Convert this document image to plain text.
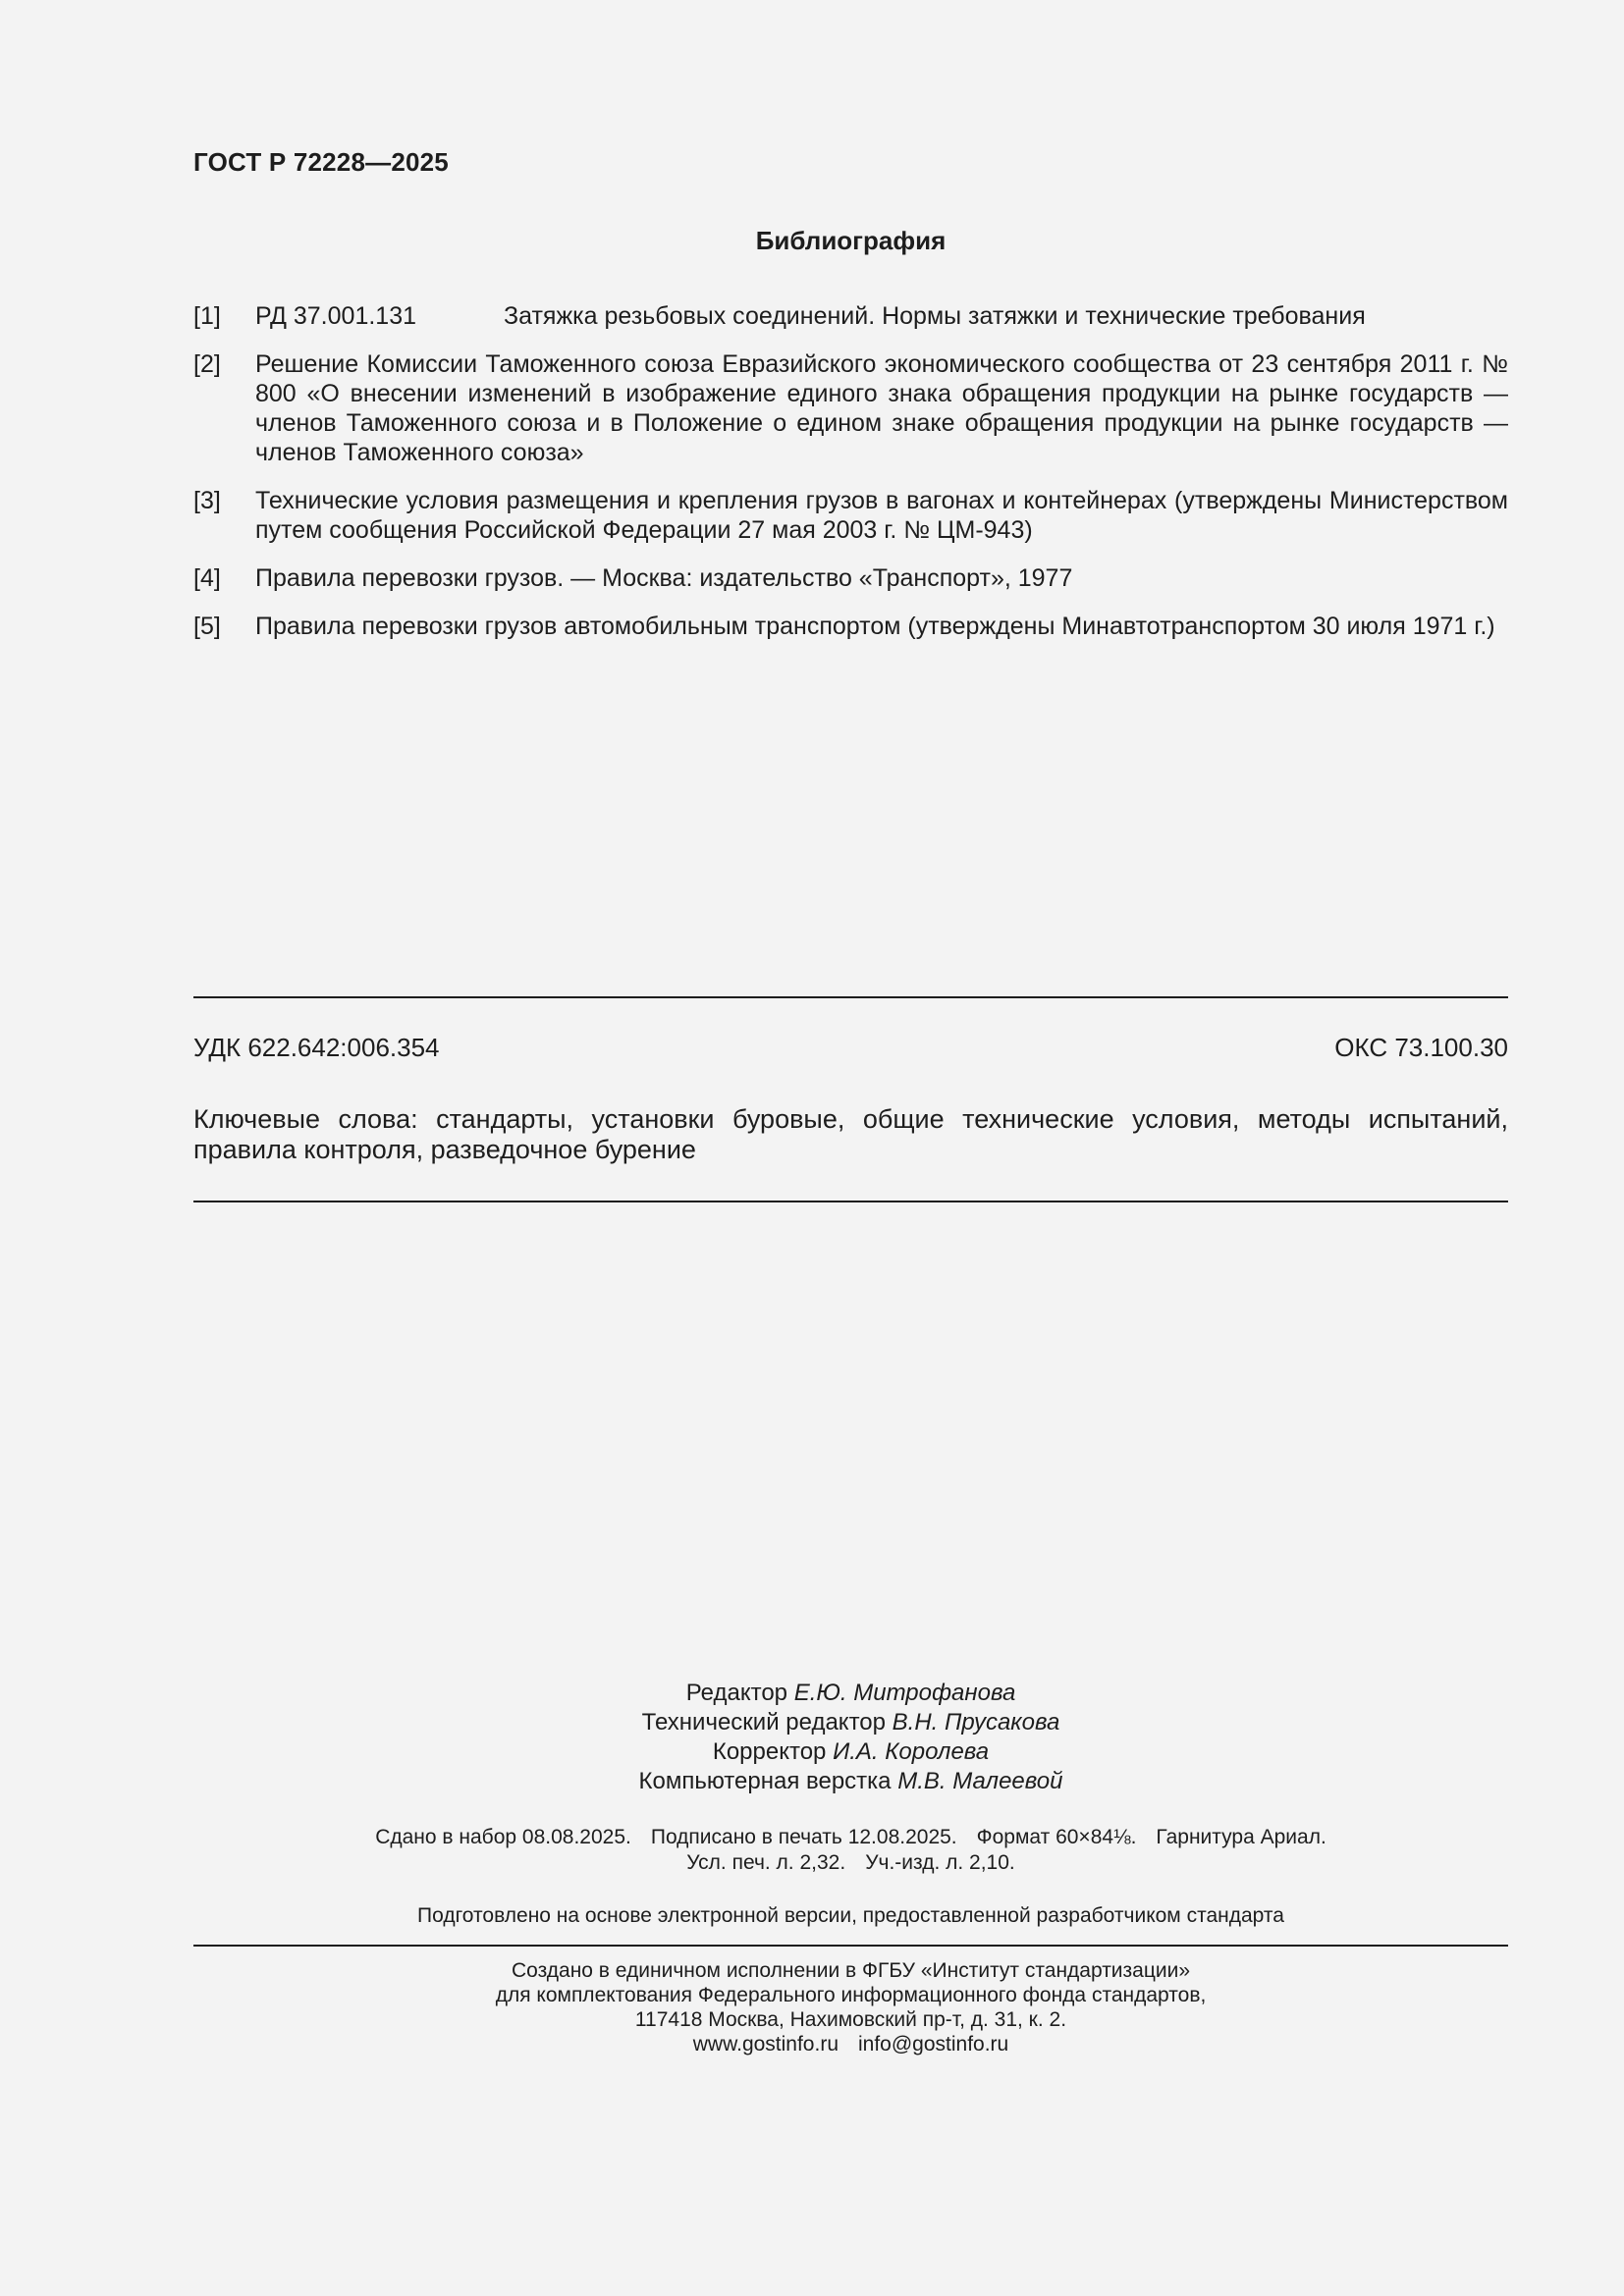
ГОСТ Р 72228—2025
Библиография
[1] РД 37.001.131	Затяжка резьбовых соединений. Нормы затяжки и технические требования
[2] Решение Комиссии Таможенного союза Евразийского экономического сообщества от 23 сентября 2011 г. № 800 «О внесении изменений в изображение единого знака обращения продукции на рынке государств — членов Таможенного союза и в Положение о едином знаке обращения продукции на рынке государств — членов Таможенного союза»
[3] Технические условия размещения и крепления грузов в вагонах и контейнерах (утверждены Министерством путем сообщения Российской Федерации 27 мая 2003 г. № ЦМ-943)
[4] Правила перевозки грузов. — Москва: издательство «Транспорт», 1977
[5] Правила перевозки грузов автомобильным транспортом (утверждены Минавтотранспортом 30 июля 1971 г.)
УДК 622.642:006.354	ОКС 73.100.30
Ключевые слова: стандарты, установки буровые, общие технические условия, методы испытаний, правила контроля, разведочное бурение
Редактор Е.Ю. Митрофанова
Технический редактор В.Н. Прусакова
Корректор И.А. Королева
Компьютерная верстка М.В. Малеевой
Сдано в набор 08.08.2025. Подписано в печать 12.08.2025. Формат 60×84⅛. Гарнитура Ариал.
Усл. печ. л. 2,32. Уч.-изд. л. 2,10.
Подготовлено на основе электронной версии, предоставленной разработчиком стандарта
Создано в единичном исполнении в ФГБУ «Институт стандартизации»
для комплектования Федерального информационного фонда стандартов,
117418 Москва, Нахимовский пр-т, д. 31, к. 2.
www.gostinfo.ru info@gostinfo.ru
